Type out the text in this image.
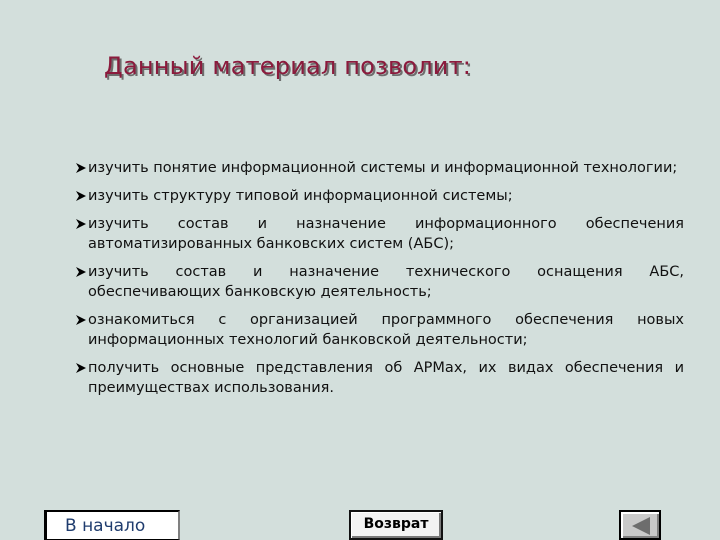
Данный материал позволит:
изучить понятие информационной системы и информационной технологии;
изучить структуру типовой информационной системы;
изучить состав и назначение информационного обеспечения автоматизированных банковских систем (АБС);
изучить состав и назначение технического оснащения АБС, обеспечивающих банковскую деятельность;
ознакомиться с организацией программного обеспечения новых информационных технологий банковской деятельности;
получить основные представления об АРМах, их видах обеспечения и преимуществах использования.
В начало	Возврат
